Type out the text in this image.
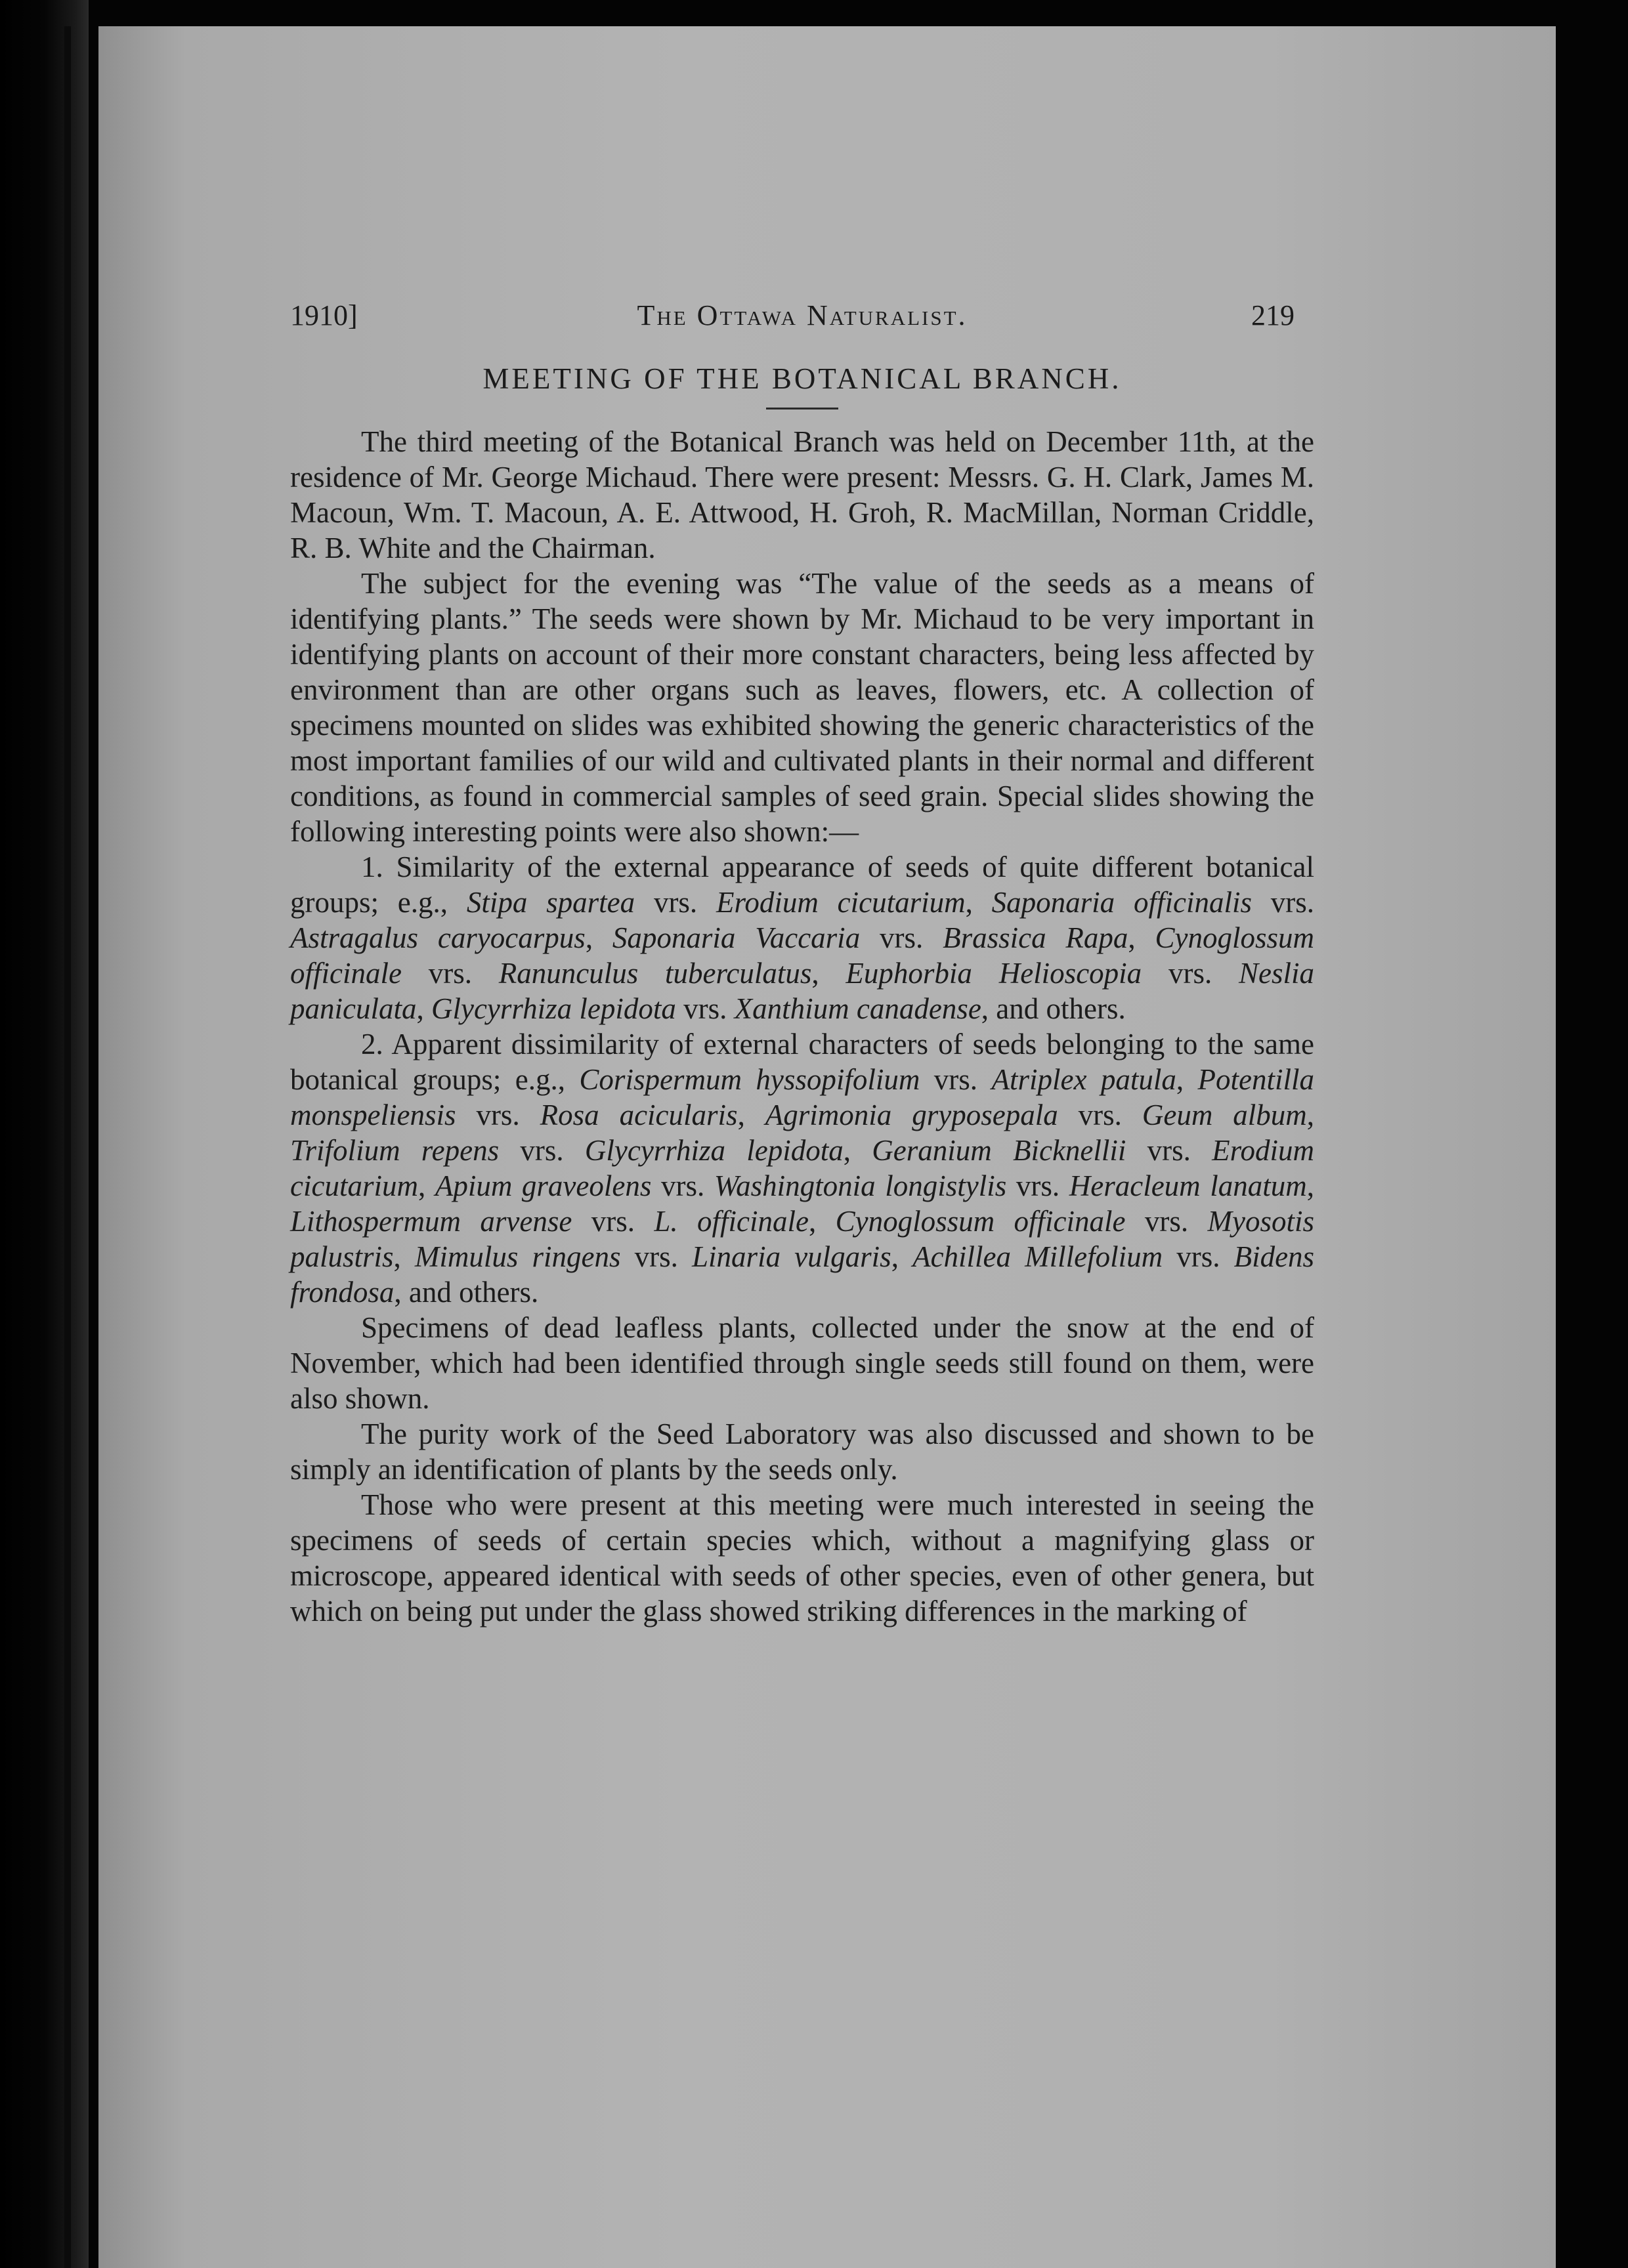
1910]	The Ottawa Naturalist.	219
MEETING OF THE BOTANICAL BRANCH.

The third meeting of the Botanical Branch was held on December 11th, at the residence of Mr. George Michaud. There were present: Messrs. G. H. Clark, James M. Macoun, Wm. T. Macoun, A. E. Attwood, H. Groh, R. MacMillan, Norman Criddle, R. B. White and the Chairman.

The subject for the evening was “The value of the seeds as a means of identifying plants.” The seeds were shown by Mr. Michaud to be very important in identifying plants on account of their more constant characters, being less affected by environment than are other organs such as leaves, flowers, etc. A collection of specimens mounted on slides was exhibited showing the generic characteristics of the most important families of our wild and cultivated plants in their normal and different conditions, as found in commercial samples of seed grain. Special slides showing the following interesting points were also shown:—

1. Similarity of the external appearance of seeds of quite different botanical groups; e.g., Stipa spartea vrs. Erodium cicutarium, Saponaria officinalis vrs. Astragalus caryocarpus, Saponaria Vaccaria vrs. Brassica Rapa, Cynoglossum officinale vrs. Ranunculus tuberculatus, Euphorbia Helioscopia vrs. Neslia paniculata, Glycyrrhiza lepidota vrs. Xanthium canadense, and others.

2. Apparent dissimilarity of external characters of seeds belonging to the same botanical groups; e.g., Corispermum hyssopifolium vrs. Atriplex patula, Potentilla monspeliensis vrs. Rosa acicularis, Agrimonia gryposepala vrs. Geum album, Trifolium repens vrs. Glycyrrhiza lepidota, Geranium Bicknellii vrs. Erodium cicutarium, Apium graveolens vrs. Washingtonia longistylis vrs. Heracleum lanatum, Lithospermum arvense vrs. L. officinale, Cynoglossum officinale vrs. Myosotis palustris, Mimulus ringens vrs. Linaria vulgaris, Achillea Millefolium vrs. Bidens frondosa, and others.

Specimens of dead leafless plants, collected under the snow at the end of November, which had been identified through single seeds still found on them, were also shown.

The purity work of the Seed Laboratory was also discussed and shown to be simply an identification of plants by the seeds only.

Those who were present at this meeting were much interested in seeing the specimens of seeds of certain species which, without a magnifying glass or microscope, appeared identical with seeds of other species, even of other genera, but which on being put under the glass showed striking differences in the marking of
